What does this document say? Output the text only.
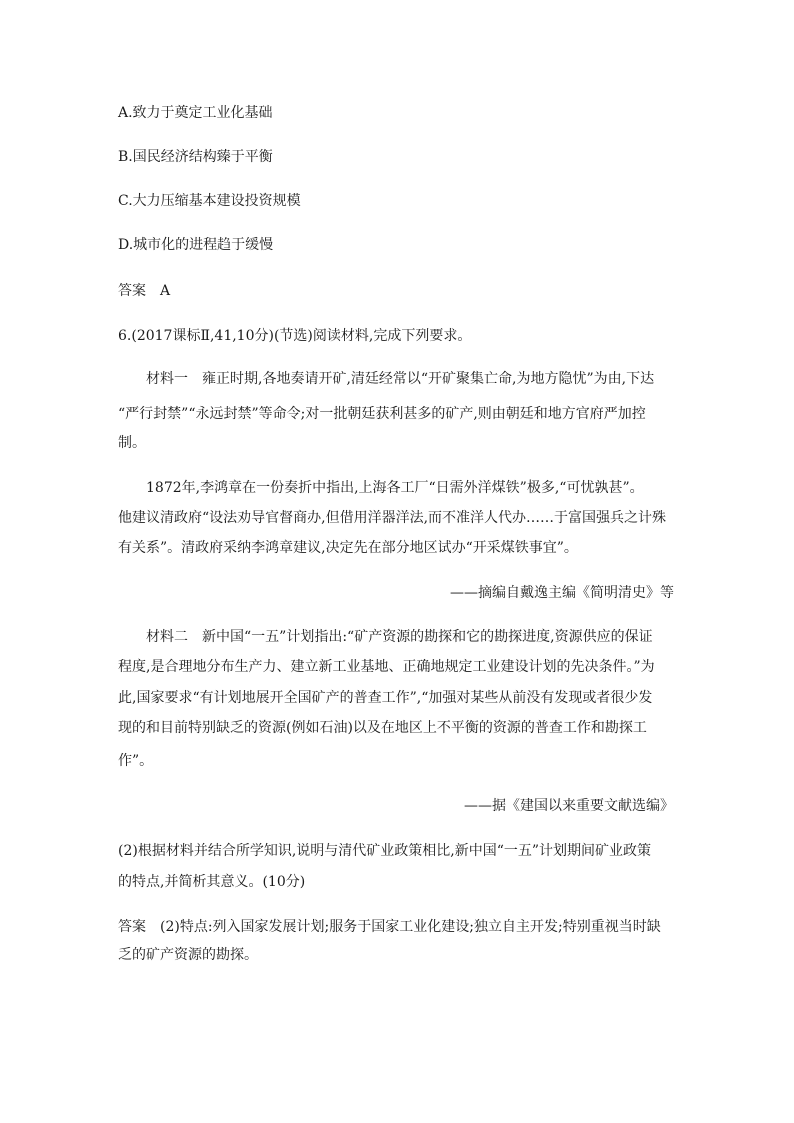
A.致力于奠定工业化基础
B.国民经济结构臻于平衡
C.大力压缩基本建设投资规模
D.城市化的进程趋于缓慢
答案 A
6.(2017课标Ⅱ,41,10分)(节选)阅读材料,完成下列要求。
材料一　雍正时期,各地奏请开矿,清廷经常以“开矿聚集亡命,为地方隐忧”为由,下达
“严行封禁”“永远封禁”等命令;对一批朝廷获利甚多的矿产,则由朝廷和地方官府严加控
制。
1872年,李鸿章在一份奏折中指出,上海各工厂“日需外洋煤铁”极多,“可忧孰甚”。
他建议清政府“设法劝导官督商办,但借用洋器洋法,而不准洋人代办……于富国强兵之计殊
有关系”。清政府采纳李鸿章建议,决定先在部分地区试办“开采煤铁事宜”。
——摘编自戴逸主编《简明清史》等
材料二　新中国“一五”计划指出:“矿产资源的勘探和它的勘探进度,资源供应的保证
程度,是合理地分布生产力、建立新工业基地、正确地规定工业建设计划的先决条件。”为
此,国家要求“有计划地展开全国矿产的普查工作”,“加强对某些从前没有发现或者很少发
现的和目前特别缺乏的资源(例如石油)以及在地区上不平衡的资源的普查工作和勘探工
作”。
——据《建国以来重要文献选编》
(2)根据材料并结合所学知识,说明与清代矿业政策相比,新中国“一五”计划期间矿业政策
的特点,并简析其意义。(10分)
答案 (2)特点:列入国家发展计划;服务于国家工业化建设;独立自主开发;特别重视当时缺
乏的矿产资源的勘探。
